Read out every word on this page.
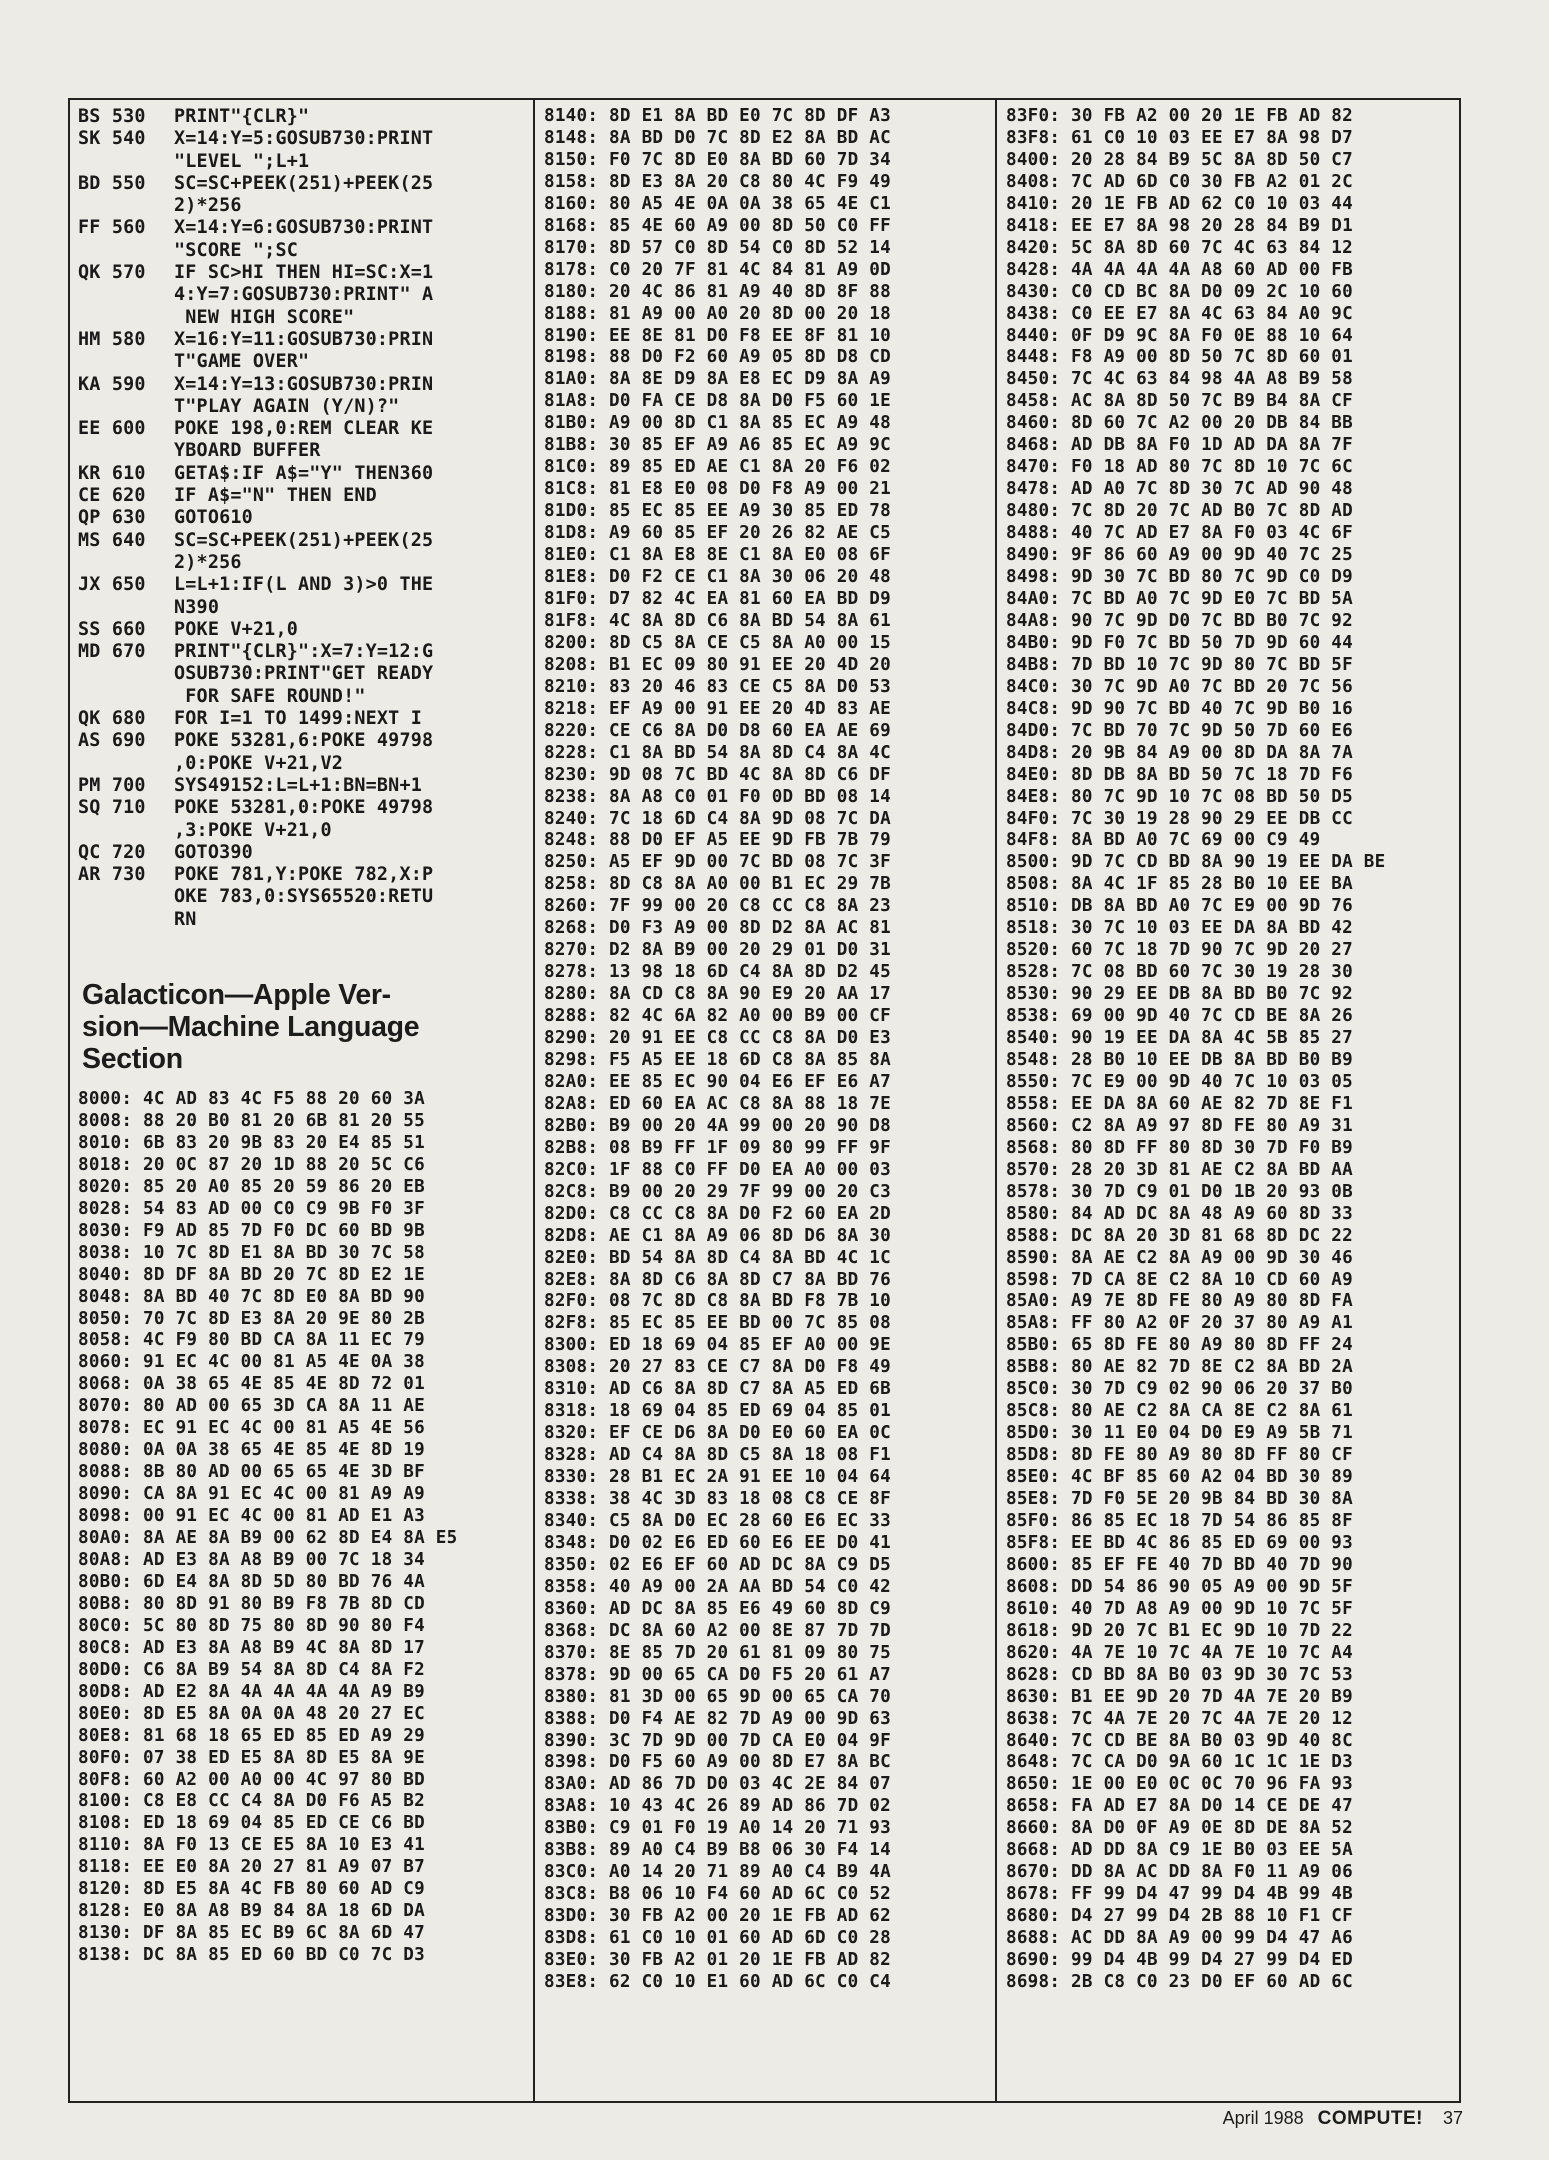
BS 530	PRINT"{CLR}"
SK 540	X=14:Y=5:GOSUB730:PRINT
"LEVEL ";L+1
BD 550	SC=SC+PEEK(251)+PEEK(25
2)*256
FF 560	X=14:Y=6:GOSUB730:PRINT
"SCORE ";SC
QK 570	IF SC>HI THEN HI=SC:X=1
4:Y=7:GOSUB730:PRINT" A
NEW HIGH SCORE"
HM 580	X=16:Y=11:GOSUB730:PRIN
T"GAME OVER"
KA 590	X=14:Y=13:GOSUB730:PRIN
T"PLAY AGAIN (Y/N)?"
EE 600	POKE 198,0:REM CLEAR KE
YBOARD BUFFER
KR 610	GETA$:IF A$="Y" THEN360
CE 620	IF A$="N" THEN END
QP 630	GOTO610
MS 640	SC=SC+PEEK(251)+PEEK(25
2)*256
JX 650	L=L+1:IF(L AND 3)>0 THE
N390
SS 660	POKE V+21,0
MD 670	PRINT"{CLR}":X=7:Y=12:G
OSUB730:PRINT"GET READY
FOR SAFE ROUND!"
QK 680	FOR I=1 TO 1499:NEXT I
AS 690	POKE 53281,6:POKE 49798
,0:POKE V+21,V2
PM 700	SYS49152:L=L+1:BN=BN+1
SQ 710	POKE 53281,0:POKE 49798
,3:POKE V+21,0
QC 720	GOTO390
AR 730	POKE 781,Y:POKE 782,X:P
OKE 783,0:SYS65520:RETU
RN
Galacticon—Apple Ver-
sion—Machine Language
Section
8000: 4C AD 83 4C F5 88 20 60 3A
8008: 88 20 B0 81 20 6B 81 20 55
8010: 6B 83 20 9B 83 20 E4 85 51
8018: 20 0C 87 20 1D 88 20 5C C6
8020: 85 20 A0 85 20 59 86 20 EB
8028: 54 83 AD 00 C0 C9 9B F0 3F
8030: F9 AD 85 7D F0 DC 60 BD 9B
8038: 10 7C 8D E1 8A BD 30 7C 58
8040: 8D DF 8A BD 20 7C 8D E2 1E
8048: 8A BD 40 7C 8D E0 8A BD 90
8050: 70 7C 8D E3 8A 20 9E 80 2B
8058: 4C F9 80 BD CA 8A 11 EC 79
8060: 91 EC 4C 00 81 A5 4E 0A 38
8068: 0A 38 65 4E 85 4E 8D 72 01
8070: 80 AD 00 65 3D CA 8A 11 AE
8078: EC 91 EC 4C 00 81 A5 4E 56
8080: 0A 0A 38 65 4E 85 4E 8D 19
8088: 8B 80 AD 00 65 65 4E 3D BF
8090: CA 8A 91 EC 4C 00 81 A9 A9
8098: 00 91 EC 4C 00 81 AD E1 A3
80A0: 8A AE 8A B9 00 62 8D E4 8A E5
80A8: AD E3 8A A8 B9 00 7C 18 34
80B0: 6D E4 8A 8D 5D 80 BD 76 4A
80B8: 80 8D 91 80 B9 F8 7B 8D CD
80C0: 5C 80 8D 75 80 8D 90 80 F4
80C8: AD E3 8A A8 B9 4C 8A 8D 17
80D0: C6 8A B9 54 8A 8D C4 8A F2
80D8: AD E2 8A 4A 4A 4A 4A A9 B9
80E0: 8D E5 8A 0A 0A 48 20 27 EC
80E8: 81 68 18 65 ED 85 ED A9 29
80F0: 07 38 ED E5 8A 8D E5 8A 9E
80F8: 60 A2 00 A0 00 4C 97 80 BD
8100: C8 E8 CC C4 8A D0 F6 A5 B2
8108: ED 18 69 04 85 ED CE C6 BD
8110: 8A F0 13 CE E5 8A 10 E3 41
8118: EE E0 8A 20 27 81 A9 07 B7
8120: 8D E5 8A 4C FB 80 60 AD C9
8128: E0 8A A8 B9 84 8A 18 6D DA
8130: DF 8A 85 EC B9 6C 8A 6D 47
8138: DC 8A 85 ED 60 BD C0 7C D3
8140: 8D E1 8A BD E0 7C 8D DF A3
8148: 8A BD D0 7C 8D E2 8A BD AC
8150: F0 7C 8D E0 8A BD 60 7D 34
8158: 8D E3 8A 20 C8 80 4C F9 49
8160: 80 A5 4E 0A 0A 38 65 4E C1
8168: 85 4E 60 A9 00 8D 50 C0 FF
8170: 8D 57 C0 8D 54 C0 8D 52 14
8178: C0 20 7F 81 4C 84 81 A9 0D
8180: 20 4C 86 81 A9 40 8D 8F 88
8188: 81 A9 00 A0 20 8D 00 20 18
8190: EE 8E 81 D0 F8 EE 8F 81 10
8198: 88 D0 F2 60 A9 05 8D D8 CD
81A0: 8A 8E D9 8A E8 EC D9 8A A9
81A8: D0 FA CE D8 8A D0 F5 60 1E
81B0: A9 00 8D C1 8A 85 EC A9 48
81B8: 30 85 EF A9 A6 85 EC A9 9C
81C0: 89 85 ED AE C1 8A 20 F6 02
81C8: 81 E8 E0 08 D0 F8 A9 00 21
81D0: 85 EC 85 EE A9 30 85 ED 78
81D8: A9 60 85 EF 20 26 82 AE C5
81E0: C1 8A E8 8E C1 8A E0 08 6F
81E8: D0 F2 CE C1 8A 30 06 20 48
81F0: D7 82 4C EA 81 60 EA BD D9
81F8: 4C 8A 8D C6 8A BD 54 8A 61
8200: 8D C5 8A CE C5 8A A0 00 15
8208: B1 EC 09 80 91 EE 20 4D 20
8210: 83 20 46 83 CE C5 8A D0 53
8218: EF A9 00 91 EE 20 4D 83 AE
8220: CE C6 8A D0 D8 60 EA AE 69
8228: C1 8A BD 54 8A 8D C4 8A 4C
8230: 9D 08 7C BD 4C 8A 8D C6 DF
8238: 8A A8 C0 01 F0 0D BD 08 14
8240: 7C 18 6D C4 8A 9D 08 7C DA
8248: 88 D0 EF A5 EE 9D FB 7B 79
8250: A5 EF 9D 00 7C BD 08 7C 3F
8258: 8D C8 8A A0 00 B1 EC 29 7B
8260: 7F 99 00 20 C8 CC C8 8A 23
8268: D0 F3 A9 00 8D D2 8A AC 81
8270: D2 8A B9 00 20 29 01 D0 31
8278: 13 98 18 6D C4 8A 8D D2 45
8280: 8A CD C8 8A 90 E9 20 AA 17
8288: 82 4C 6A 82 A0 00 B9 00 CF
8290: 20 91 EE C8 CC C8 8A D0 E3
8298: F5 A5 EE 18 6D C8 8A 85 8A
82A0: EE 85 EC 90 04 E6 EF E6 A7
82A8: ED 60 EA AC C8 8A 88 18 7E
82B0: B9 00 20 4A 99 00 20 90 D8
82B8: 08 B9 FF 1F 09 80 99 FF 9F
82C0: 1F 88 C0 FF D0 EA A0 00 03
82C8: B9 00 20 29 7F 99 00 20 C3
82D0: C8 CC C8 8A D0 F2 60 EA 2D
82D8: AE C1 8A A9 06 8D D6 8A 30
82E0: BD 54 8A 8D C4 8A BD 4C 1C
82E8: 8A 8D C6 8A 8D C7 8A BD 76
82F0: 08 7C 8D C8 8A BD F8 7B 10
82F8: 85 EC 85 EE BD 00 7C 85 08
8300: ED 18 69 04 85 EF A0 00 9E
8308: 20 27 83 CE C7 8A D0 F8 49
8310: AD C6 8A 8D C7 8A A5 ED 6B
8318: 18 69 04 85 ED 69 04 85 01
8320: EF CE D6 8A D0 E0 60 EA 0C
8328: AD C4 8A 8D C5 8A 18 08 F1
8330: 28 B1 EC 2A 91 EE 10 04 64
8338: 38 4C 3D 83 18 08 C8 CE 8F
8340: C5 8A D0 EC 28 60 E6 EC 33
8348: D0 02 E6 ED 60 E6 EE D0 41
8350: 02 E6 EF 60 AD DC 8A C9 D5
8358: 40 A9 00 2A AA BD 54 C0 42
8360: AD DC 8A 85 E6 49 60 8D C9
8368: DC 8A 60 A2 00 8E 87 7D 7D
8370: 8E 85 7D 20 61 81 09 80 75
8378: 9D 00 65 CA D0 F5 20 61 A7
8380: 81 3D 00 65 9D 00 65 CA 70
8388: D0 F4 AE 82 7D A9 00 9D 63
8390: 3C 7D 9D 00 7D CA E0 04 9F
8398: D0 F5 60 A9 00 8D E7 8A BC
83A0: AD 86 7D D0 03 4C 2E 84 07
83A8: 10 43 4C 26 89 AD 86 7D 02
83B0: C9 01 F0 19 A0 14 20 71 93
83B8: 89 A0 C4 B9 B8 06 30 F4 14
83C0: A0 14 20 71 89 A0 C4 B9 4A
83C8: B8 06 10 F4 60 AD 6C C0 52
83D0: 30 FB A2 00 20 1E FB AD 62
83D8: 61 C0 10 01 60 AD 6D C0 28
83E0: 30 FB A2 01 20 1E FB AD 82
83E8: 62 C0 10 E1 60 AD 6C C0 C4
83F0: 30 FB A2 00 20 1E FB AD 82
83F8: 61 C0 10 03 EE E7 8A 98 D7
8400: 20 28 84 B9 5C 8A 8D 50 C7
8408: 7C AD 6D C0 30 FB A2 01 2C
8410: 20 1E FB AD 62 C0 10 03 44
8418: EE E7 8A 98 20 28 84 B9 D1
8420: 5C 8A 8D 60 7C 4C 63 84 12
8428: 4A 4A 4A 4A A8 60 AD 00 FB
8430: C0 CD BC 8A D0 09 2C 10 60
8438: C0 EE E7 8A 4C 63 84 A0 9C
8440: 0F D9 9C 8A F0 0E 88 10 64
8448: F8 A9 00 8D 50 7C 8D 60 01
8450: 7C 4C 63 84 98 4A A8 B9 58
8458: AC 8A 8D 50 7C B9 B4 8A CF
8460: 8D 60 7C A2 00 20 DB 84 BB
8468: AD DB 8A F0 1D AD DA 8A 7F
8470: F0 18 AD 80 7C 8D 10 7C 6C
8478: AD A0 7C 8D 30 7C AD 90 48
8480: 7C 8D 20 7C AD B0 7C 8D AD
8488: 40 7C AD E7 8A F0 03 4C 6F
8490: 9F 86 60 A9 00 9D 40 7C 25
8498: 9D 30 7C BD 80 7C 9D C0 D9
84A0: 7C BD A0 7C 9D E0 7C BD 5A
84A8: 90 7C 9D D0 7C BD B0 7C 92
84B0: 9D F0 7C BD 50 7D 9D 60 44
84B8: 7D BD 10 7C 9D 80 7C BD 5F
84C0: 30 7C 9D A0 7C BD 20 7C 56
84C8: 9D 90 7C BD 40 7C 9D B0 16
84D0: 7C BD 70 7C 9D 50 7D 60 E6
84D8: 20 9B 84 A9 00 8D DA 8A 7A
84E0: 8D DB 8A BD 50 7C 18 7D F6
84E8: 80 7C 9D 10 7C 08 BD 50 D5
84F0: 7C 30 19 28 90 29 EE DB CC
84F8: 8A BD A0 7C 69 00 C9 49
8500: 9D 7C CD BD 8A 90 19 EE DA BE
8508: 8A 4C 1F 85 28 B0 10 EE BA
8510: DB 8A BD A0 7C E9 00 9D 76
8518: 30 7C 10 03 EE DA 8A BD 42
8520: 60 7C 18 7D 90 7C 9D 20 27
8528: 7C 08 BD 60 7C 30 19 28 30
8530: 90 29 EE DB 8A BD B0 7C 92
8538: 69 00 9D 40 7C CD BE 8A 26
8540: 90 19 EE DA 8A 4C 5B 85 27
8548: 28 B0 10 EE DB 8A BD B0 B9
8550: 7C E9 00 9D 40 7C 10 03 05
8558: EE DA 8A 60 AE 82 7D 8E F1
8560: C2 8A A9 97 8D FE 80 A9 31
8568: 80 8D FF 80 8D 30 7D F0 B9
8570: 28 20 3D 81 AE C2 8A BD AA
8578: 30 7D C9 01 D0 1B 20 93 0B
8580: 84 AD DC 8A 48 A9 60 8D 33
8588: DC 8A 20 3D 81 68 8D DC 22
8590: 8A AE C2 8A A9 00 9D 30 46
8598: 7D CA 8E C2 8A 10 CD 60 A9
85A0: A9 7E 8D FE 80 A9 80 8D FA
85A8: FF 80 A2 0F 20 37 80 A9 A1
85B0: 65 8D FE 80 A9 80 8D FF 24
85B8: 80 AE 82 7D 8E C2 8A BD 2A
85C0: 30 7D C9 02 90 06 20 37 B0
85C8: 80 AE C2 8A CA 8E C2 8A 61
85D0: 30 11 E0 04 D0 E9 A9 5B 71
85D8: 8D FE 80 A9 80 8D FF 80 CF
85E0: 4C BF 85 60 A2 04 BD 30 89
85E8: 7D F0 5E 20 9B 84 BD 30 8A
85F0: 86 85 EC 18 7D 54 86 85 8F
85F8: EE BD 4C 86 85 ED 69 00 93
8600: 85 EF FE 40 7D BD 40 7D 90
8608: DD 54 86 90 05 A9 00 9D 5F
8610: 40 7D A8 A9 00 9D 10 7C 5F
8618: 9D 20 7C B1 EC 9D 10 7D 22
8620: 4A 7E 10 7C 4A 7E 10 7C A4
8628: CD BD 8A B0 03 9D 30 7C 53
8630: B1 EE 9D 20 7D 4A 7E 20 B9
8638: 7C 4A 7E 20 7C 4A 7E 20 12
8640: 7C CD BE 8A B0 03 9D 40 8C
8648: 7C CA D0 9A 60 1C 1C 1E D3
8650: 1E 00 E0 0C 0C 70 96 FA 93
8658: FA AD E7 8A D0 14 CE DE 47
8660: 8A D0 0F A9 0E 8D DE 8A 52
8668: AD DD 8A C9 1E B0 03 EE 5A
8670: DD 8A AC DD 8A F0 11 A9 06
8678: FF 99 D4 47 99 D4 4B 99 4B
8680: D4 27 99 D4 2B 88 10 F1 CF
8688: AC DD 8A A9 00 99 D4 47 A6
8690: 99 D4 4B 99 D4 27 99 D4 ED
8698: 2B C8 C0 23 D0 EF 60 AD 6C
April 1988 COMPUTE! 37
